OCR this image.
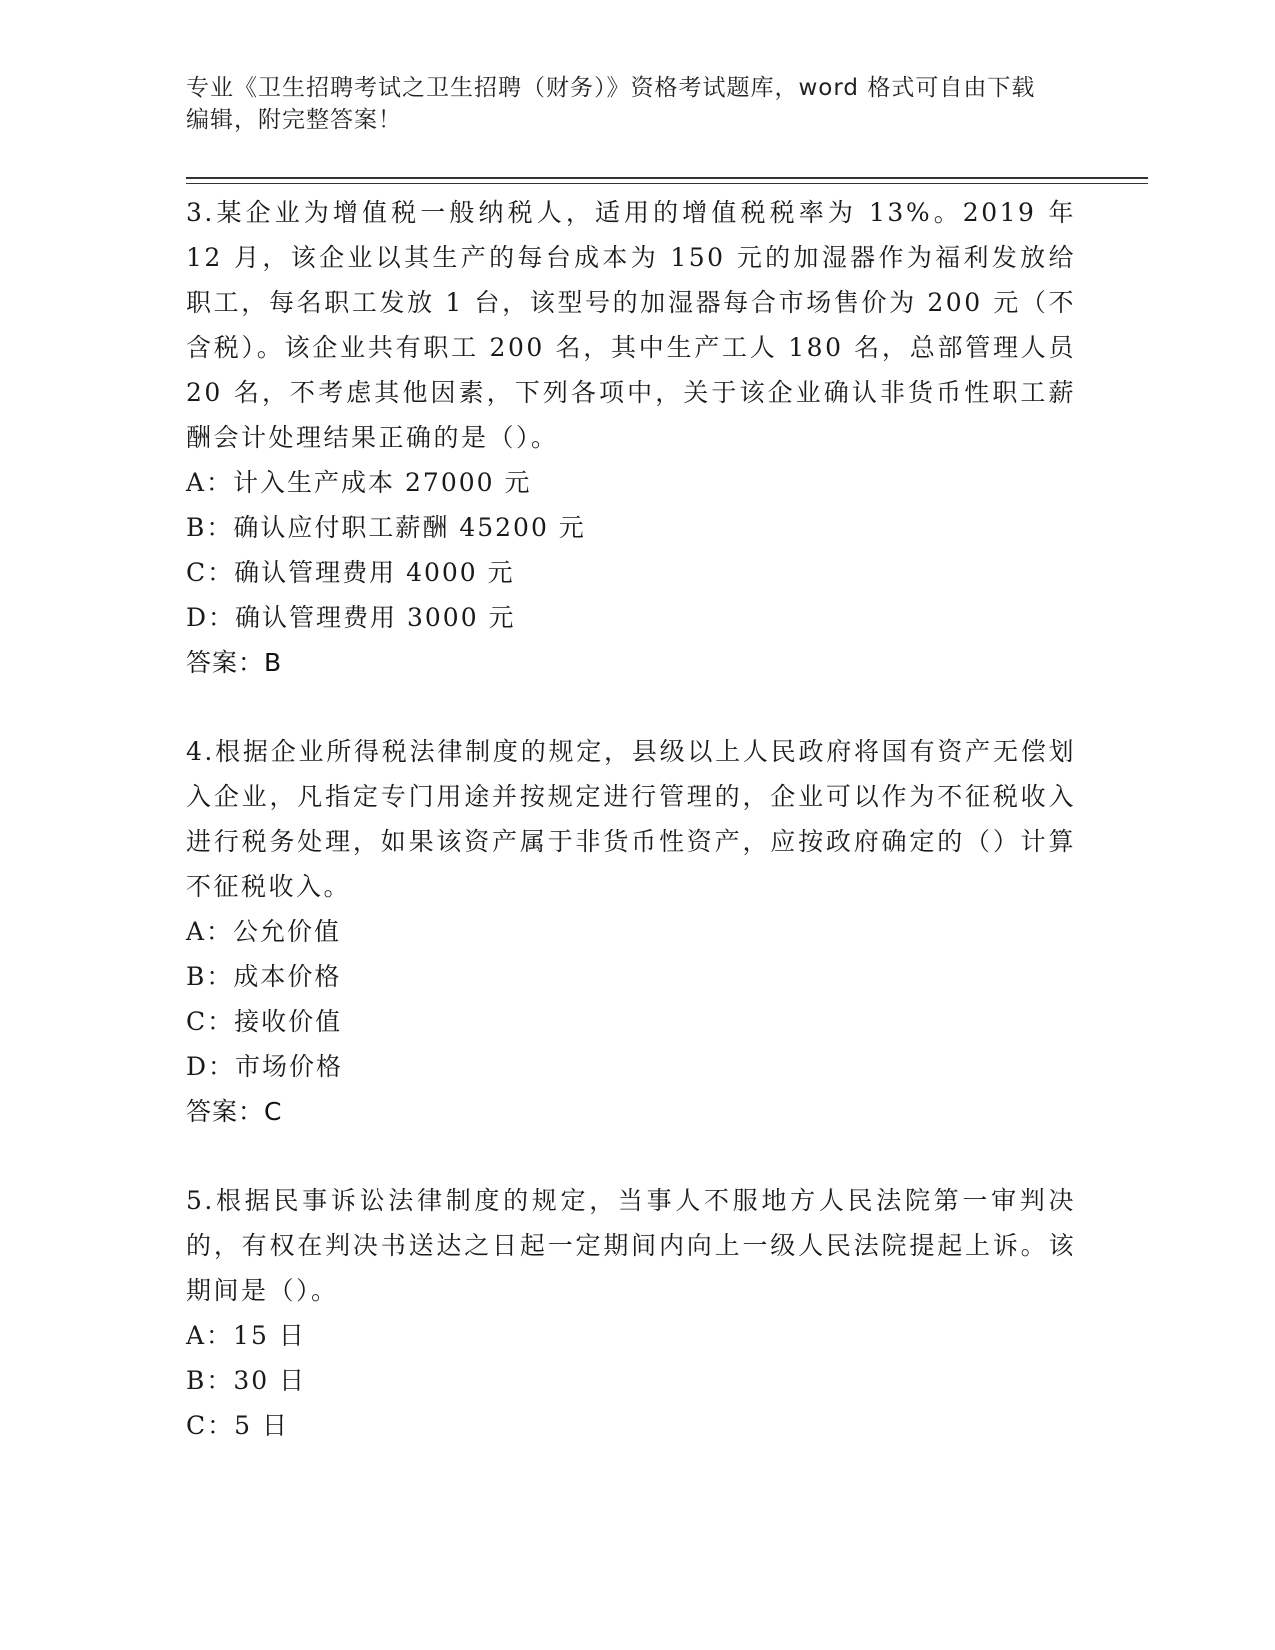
专业《卫生招聘考试之卫生招聘（财务）》资格考试题库，word 格式可自由下载
编辑，附完整答案！

3.某企业为增值税一般纳税人，适用的增值税税率为 13%。2019 年 12 月，该企业以其生产的每台成本为 150 元的加湿器作为福利发放给职工，每名职工发放 1 台，该型号的加湿器每合市场售价为 200 元（不含税）。该企业共有职工 200 名，其中生产工人 180 名，总部管理人员 20 名，不考虑其他因素，下列各项中，关于该企业确认非货币性职工薪酬会计处理结果正确的是（）。

A：计入生产成本 27000 元

B：确认应付职工薪酬 45200 元

C：确认管理费用 4000 元

D：确认管理费用 3000 元

答案：B

4.根据企业所得税法律制度的规定，县级以上人民政府将国有资产无偿划入企业，凡指定专门用途并按规定进行管理的，企业可以作为不征税收入进行税务处理，如果该资产属于非货币性资产，应按政府确定的（）计算不征税收入。

A：公允价值

B：成本价格

C：接收价值

D：市场价格

答案：C

5.根据民事诉讼法律制度的规定，当事人不服地方人民法院第一审判决的，有权在判决书送达之日起一定期间内向上一级人民法院提起上诉。该期间是（）。

A：15 日

B：30 日

C：5 日
